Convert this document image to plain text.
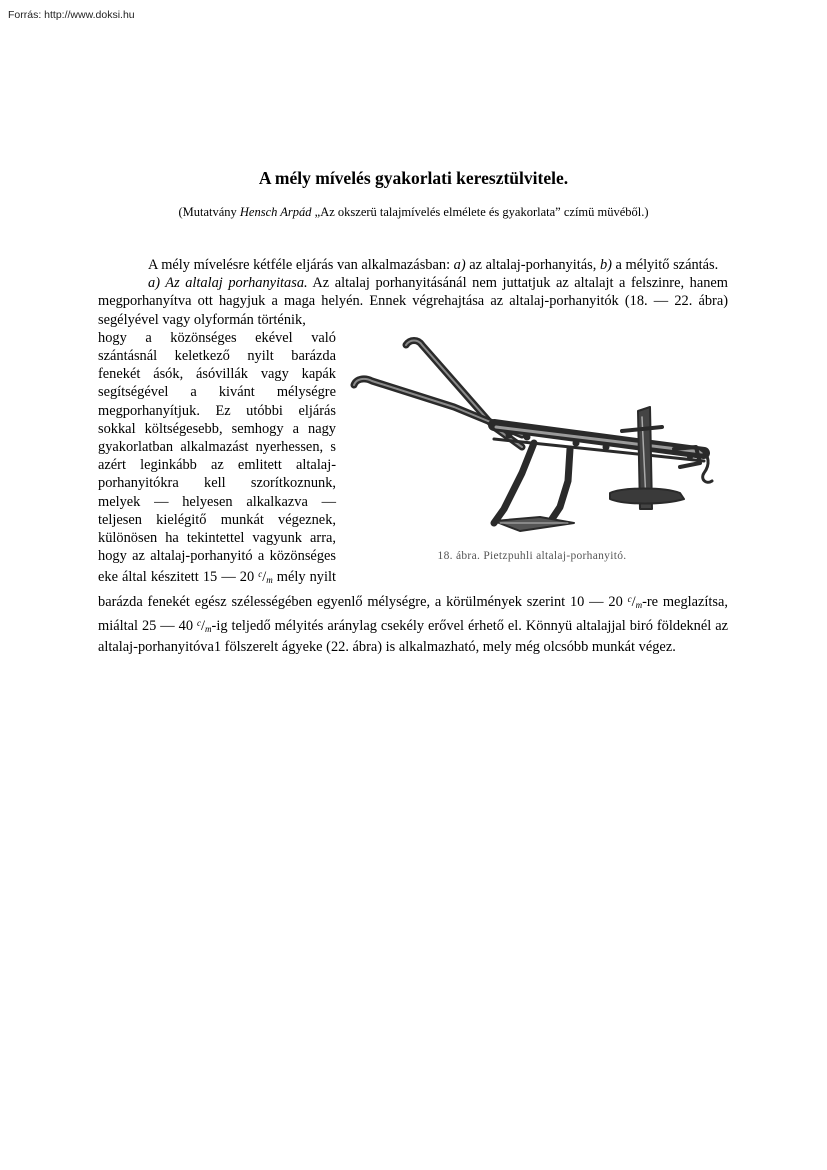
Forrás: http://www.doksi.hu
A mély mívelés gyakorlati keresztülvitele.
(Mutatvány Hensch Arpád „Az okszerü talajmívelés elmélete és gyakorlata” czímü müvéből.)

A mély mívelésre kétféle eljárás van alkalmazásban: a) az altalaj-porhanyitás, b) a mélyitő szántás.

a) Az altalaj porhanyitasa. Az altalaj porhanyitásánál nem juttatjuk az altalajt a felszinre, hanem megporhanyítva ott hagyjuk a maga helyén. Ennek végrehajtása az altalaj-porhanyitók (18. — 22. ábra) segélyével vagy olyformán történik,

18. ábra. Pietzpuhli altalaj-porhanyitó.

hogy a közönséges ekével való szántásnál keletkező nyilt barázda fenekét ásók, ásóvillák vagy kapák segítségével a kivánt mélységre megporhanyítjuk. Ez utóbbi eljárás sokkal költségesebb, semhogy a nagy gyakorlatban alkalmazást nyerhessen, s azért leginkább az emlitett altalaj-porhanyitókra kell szorítkoznunk, melyek — helyesen alkalkazva — teljesen kielégitő munkát végeznek, különösen ha tekintettel vagyunk arra, hogy az altalaj-porhanyitó a közönséges eke által készitett 15 — 20 $^c/_m$ mély nyilt barázda fenekét egész szélességében egyenlő mélységre, a körülmények szerint 10 — 20 $^c/_m-re$ meglazítsa, miáltal 25 — 40 $^c/_m-ig$ teljedő mélyités aránylag csekély erővel érhető el. Könnyü altalajjal biró földeknél az altalaj-porhanyitóva1 fölszerelt ágyeke (22. ábra) is alkalmazható, mely még olcsóbb munkát végez.
